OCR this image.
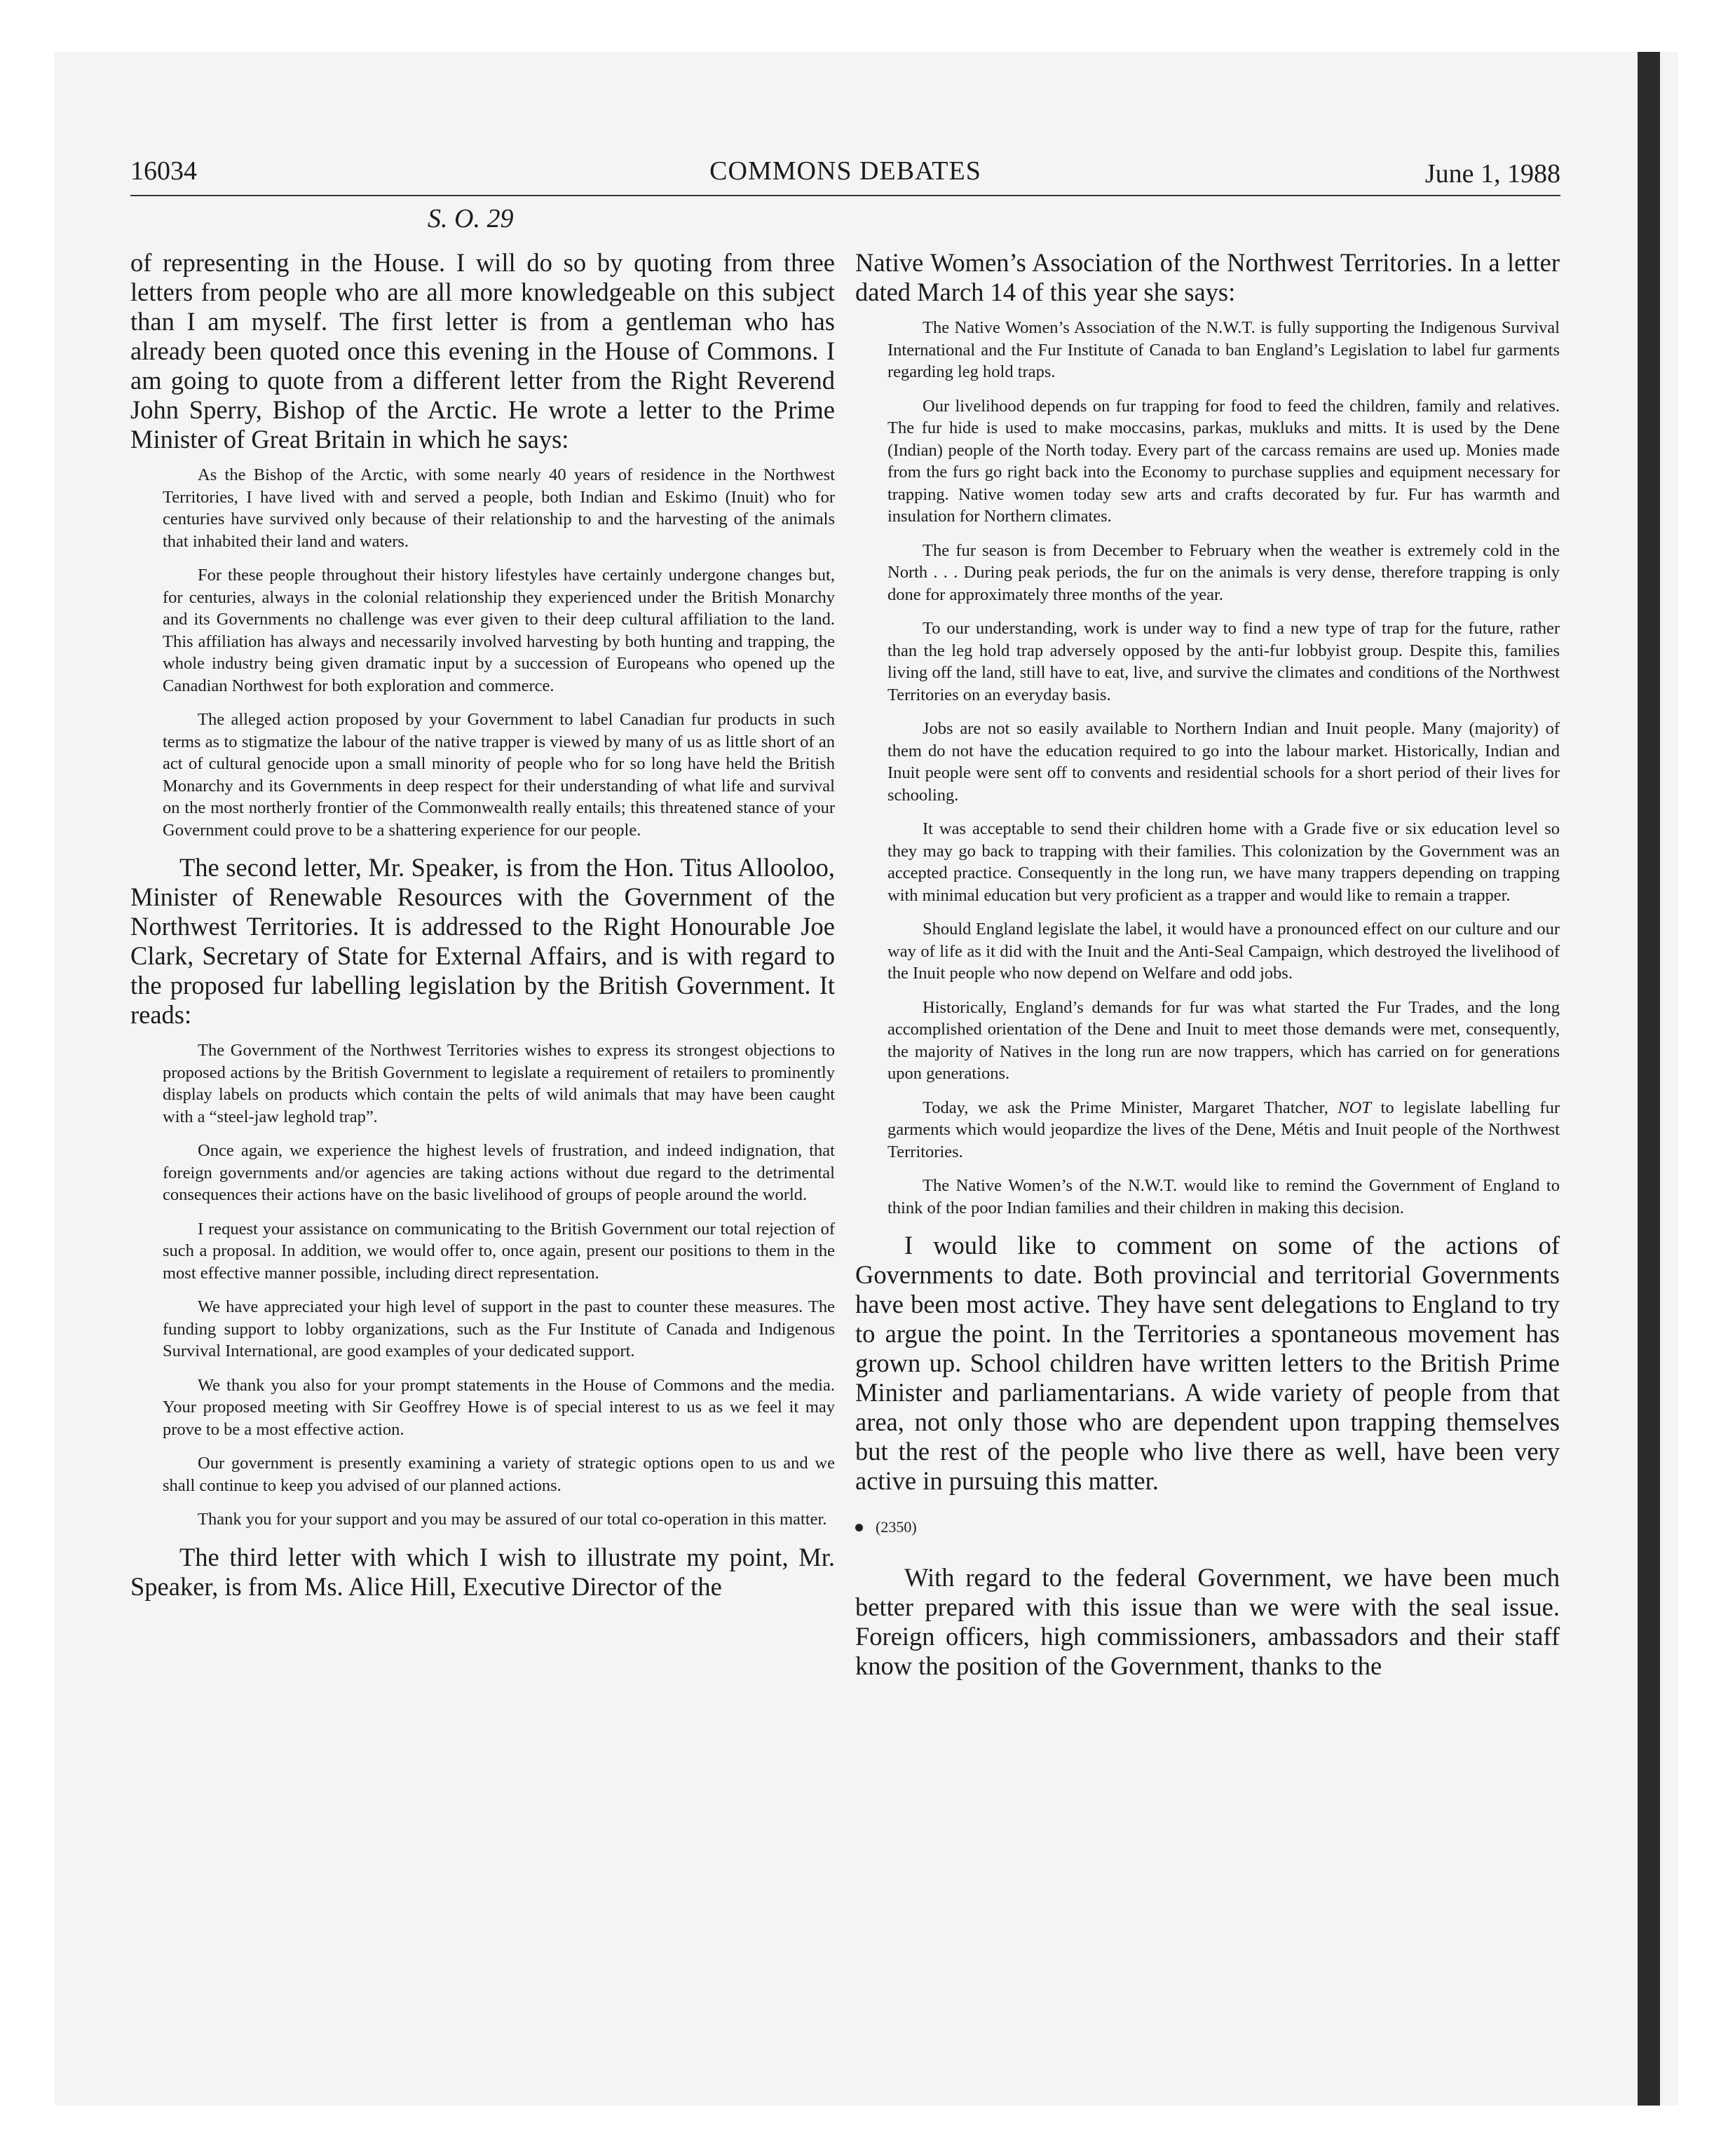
16034	COMMONS DEBATES	June 1, 1988
S. O. 29

of representing in the House. I will do so by quoting from three letters from people who are all more knowledgeable on this subject than I am myself. The first letter is from a gentleman who has already been quoted once this evening in the House of Commons. I am going to quote from a different letter from the Right Reverend John Sperry, Bishop of the Arctic. He wrote a letter to the Prime Minister of Great Britain in which he says:

As the Bishop of the Arctic, with some nearly 40 years of residence in the Northwest Territories, I have lived with and served a people, both Indian and Eskimo (Inuit) who for centuries have survived only because of their relationship to and the harvesting of the animals that inhabited their land and waters.

For these people throughout their history lifestyles have certainly undergone changes but, for centuries, always in the colonial relationship they experienced under the British Monarchy and its Governments no challenge was ever given to their deep cultural affiliation to the land. This affiliation has always and necessarily involved harvesting by both hunting and trapping, the whole industry being given dramatic input by a succession of Europeans who opened up the Canadian Northwest for both exploration and commerce.

The alleged action proposed by your Government to label Canadian fur products in such terms as to stigmatize the labour of the native trapper is viewed by many of us as little short of an act of cultural genocide upon a small minority of people who for so long have held the British Monarchy and its Governments in deep respect for their understanding of what life and survival on the most northerly frontier of the Commonwealth really entails; this threatened stance of your Government could prove to be a shattering experience for our people.

The second letter, Mr. Speaker, is from the Hon. Titus Allooloo, Minister of Renewable Resources with the Government of the Northwest Territories. It is addressed to the Right Honourable Joe Clark, Secretary of State for External Affairs, and is with regard to the proposed fur labelling legislation by the British Government. It reads:

The Government of the Northwest Territories wishes to express its strongest objections to proposed actions by the British Government to legislate a requirement of retailers to prominently display labels on products which contain the pelts of wild animals that may have been caught with a “steel-jaw leghold trap”.

Once again, we experience the highest levels of frustration, and indeed indignation, that foreign governments and/or agencies are taking actions without due regard to the detrimental consequences their actions have on the basic livelihood of groups of people around the world.

I request your assistance on communicating to the British Government our total rejection of such a proposal. In addition, we would offer to, once again, present our positions to them in the most effective manner possible, including direct representation.

We have appreciated your high level of support in the past to counter these measures. The funding support to lobby organizations, such as the Fur Institute of Canada and Indigenous Survival International, are good examples of your dedicated support.

We thank you also for your prompt statements in the House of Commons and the media. Your proposed meeting with Sir Geoffrey Howe is of special interest to us as we feel it may prove to be a most effective action.

Our government is presently examining a variety of strategic options open to us and we shall continue to keep you advised of our planned actions.

Thank you for your support and you may be assured of our total co-operation in this matter.

The third letter with which I wish to illustrate my point, Mr. Speaker, is from Ms. Alice Hill, Executive Director of the

Native Women’s Association of the Northwest Territories. In a letter dated March 14 of this year she says:

The Native Women’s Association of the N.W.T. is fully supporting the Indigenous Survival International and the Fur Institute of Canada to ban England’s Legislation to label fur garments regarding leg hold traps.

Our livelihood depends on fur trapping for food to feed the children, family and relatives. The fur hide is used to make moccasins, parkas, mukluks and mitts. It is used by the Dene (Indian) people of the North today. Every part of the carcass remains are used up. Monies made from the furs go right back into the Economy to purchase supplies and equipment necessary for trapping. Native women today sew arts and crafts decorated by fur. Fur has warmth and insulation for Northern climates.

The fur season is from December to February when the weather is extremely cold in the North . . . During peak periods, the fur on the animals is very dense, therefore trapping is only done for approximately three months of the year.

To our understanding, work is under way to find a new type of trap for the future, rather than the leg hold trap adversely opposed by the anti-fur lobbyist group. Despite this, families living off the land, still have to eat, live, and survive the climates and conditions of the Northwest Territories on an everyday basis.

Jobs are not so easily available to Northern Indian and Inuit people. Many (majority) of them do not have the education required to go into the labour market. Historically, Indian and Inuit people were sent off to convents and residential schools for a short period of their lives for schooling.

It was acceptable to send their children home with a Grade five or six education level so they may go back to trapping with their families. This colonization by the Government was an accepted practice. Consequently in the long run, we have many trappers depending on trapping with minimal education but very proficient as a trapper and would like to remain a trapper.

Should England legislate the label, it would have a pronounced effect on our culture and our way of life as it did with the Inuit and the Anti-Seal Campaign, which destroyed the livelihood of the Inuit people who now depend on Welfare and odd jobs.

Historically, England’s demands for fur was what started the Fur Trades, and the long accomplished orientation of the Dene and Inuit to meet those demands were met, consequently, the majority of Natives in the long run are now trappers, which has carried on for generations upon generations.

Today, we ask the Prime Minister, Margaret Thatcher, NOT to legislate labelling fur garments which would jeopardize the lives of the Dene, Métis and Inuit people of the Northwest Territories.

The Native Women’s of the N.W.T. would like to remind the Government of England to think of the poor Indian families and their children in making this decision.

I would like to comment on some of the actions of Governments to date. Both provincial and territorial Governments have been most active. They have sent delegations to England to try to argue the point. In the Territories a spontaneous movement has grown up. School children have written letters to the British Prime Minister and parliamentarians. A wide variety of people from that area, not only those who are dependent upon trapping themselves but the rest of the people who live there as well, have been very active in pursuing this matter.

(2350)

With regard to the federal Government, we have been much better prepared with this issue than we were with the seal issue. Foreign officers, high commissioners, ambassadors and their staff know the position of the Government, thanks to the
